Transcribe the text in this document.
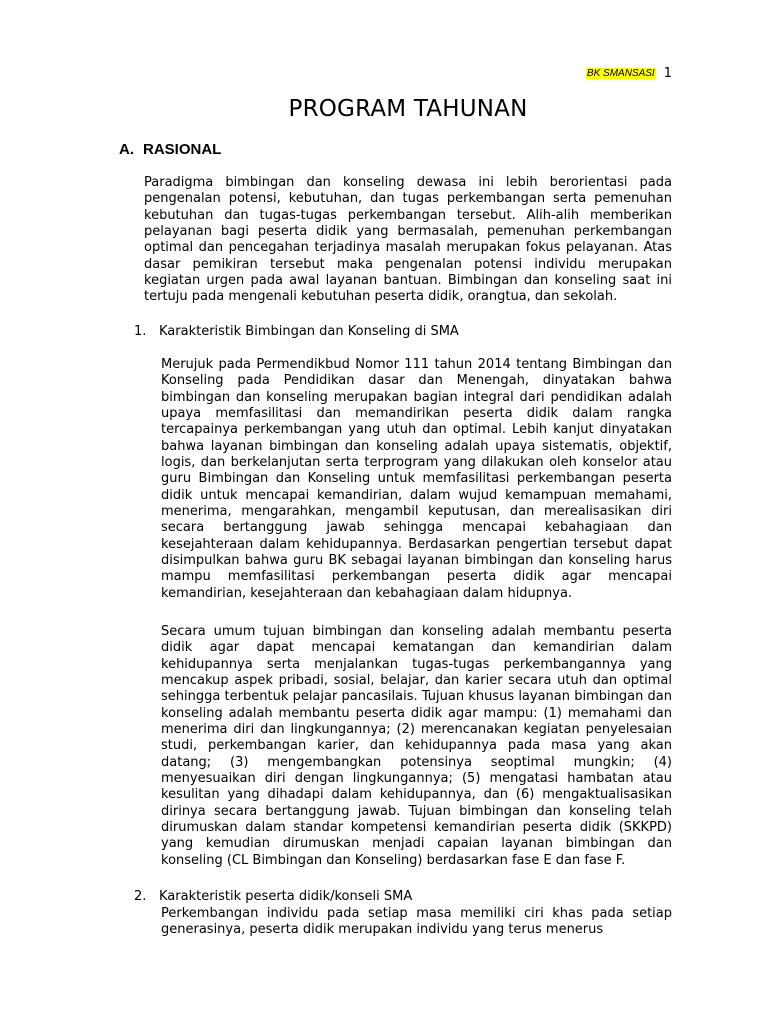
BK SMANSASI 1
PROGRAM TAHUNAN
A. RASIONAL

Paradigma bimbingan dan konseling dewasa ini lebih berorientasi pada pengenalan potensi, kebutuhan, dan tugas perkembangan serta pemenuhan kebutuhan dan tugas-tugas perkembangan tersebut. Alih-alih memberikan pelayanan bagi peserta didik yang bermasalah, pemenuhan perkembangan optimal dan pencegahan terjadinya masalah merupakan fokus pelayanan. Atas dasar pemikiran tersebut maka pengenalan potensi individu merupakan kegiatan urgen pada awal layanan bantuan. Bimbingan dan konseling saat ini tertuju pada mengenali kebutuhan peserta didik, orangtua, dan sekolah.

1. Karakteristik Bimbingan dan Konseling di SMA

Merujuk pada Permendikbud Nomor 111 tahun 2014 tentang Bimbingan dan Konseling pada Pendidikan dasar dan Menengah, dinyatakan bahwa bimbingan dan konseling merupakan bagian integral dari pendidikan adalah upaya memfasilitasi dan memandirikan peserta didik dalam rangka tercapainya perkembangan yang utuh dan optimal. Lebih kanjut dinyatakan bahwa layanan bimbingan dan konseling adalah upaya sistematis, objektif, logis, dan berkelanjutan serta terprogram yang dilakukan oleh konselor atau guru Bimbingan dan Konseling untuk memfasilitasi perkembangan peserta didik untuk mencapai kemandirian, dalam wujud kemampuan memahami, menerima, mengarahkan, mengambil keputusan, dan merealisasikan diri secara bertanggung jawab sehingga mencapai kebahagiaan dan kesejahteraan dalam kehidupannya. Berdasarkan pengertian tersebut dapat disimpulkan bahwa guru BK sebagai layanan bimbingan dan konseling harus mampu memfasilitasi perkembangan peserta didik agar mencapai kemandirian, kesejahteraan dan kebahagiaan dalam hidupnya.

Secara umum tujuan bimbingan dan konseling adalah membantu peserta didik agar dapat mencapai kematangan dan kemandirian dalam kehidupannya serta menjalankan tugas-tugas perkembangannya yang mencakup aspek pribadi, sosial, belajar, dan karier secara utuh dan optimal sehingga terbentuk pelajar pancasilais. Tujuan khusus layanan bimbingan dan konseling adalah membantu peserta didik agar mampu: (1) memahami dan menerima diri dan lingkungannya; (2) merencanakan kegiatan penyelesaian studi, perkembangan karier, dan kehidupannya pada masa yang akan datang; (3) mengembangkan potensinya seoptimal mungkin; (4) menyesuaikan diri dengan lingkungannya; (5) mengatasi hambatan atau kesulitan yang dihadapi dalam kehidupannya, dan (6) mengaktualisasikan dirinya secara bertanggung jawab. Tujuan bimbingan dan konseling telah dirumuskan dalam standar kompetensi kemandirian peserta didik (SKKPD) yang kemudian dirumuskan menjadi capaian layanan bimbingan dan konseling (CL Bimbingan dan Konseling) berdasarkan fase E dan fase F.

2. Karakteristik peserta didik/konseli SMA

Perkembangan individu pada setiap masa memiliki ciri khas pada setiap generasinya, peserta didik merupakan individu yang terus menerus
